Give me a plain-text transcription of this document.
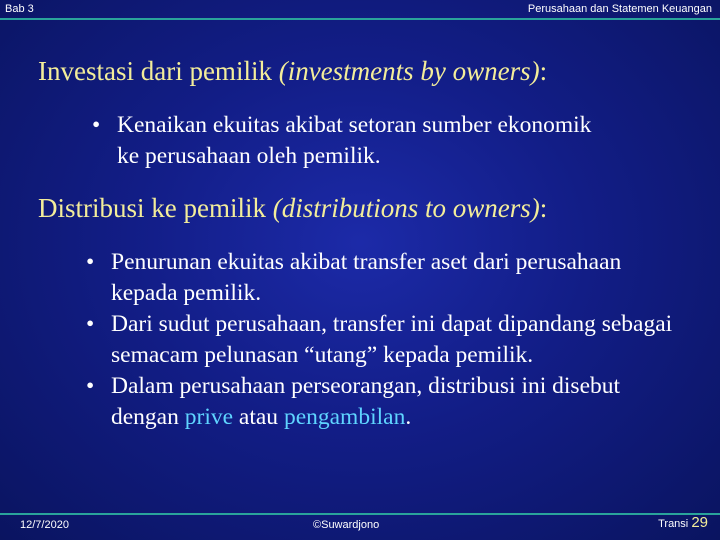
Bab 3	Perusahaan dan Statemen Keuangan
Investasi dari pemilik (investments by owners):
• Kenaikan ekuitas akibat setoran sumber ekonomik ke perusahaan oleh pemilik.
Distribusi ke pemilik (distributions to owners):
• Penurunan ekuitas akibat transfer aset dari perusahaan kepada pemilik.
• Dari sudut perusahaan, transfer ini dapat dipandang sebagai semacam pelunasan “utang” kepada pemilik.
• Dalam perusahaan perseorangan, distribusi ini disebut dengan prive atau pengambilan.
12/7/2020	©Suwardjono	Transi 29
